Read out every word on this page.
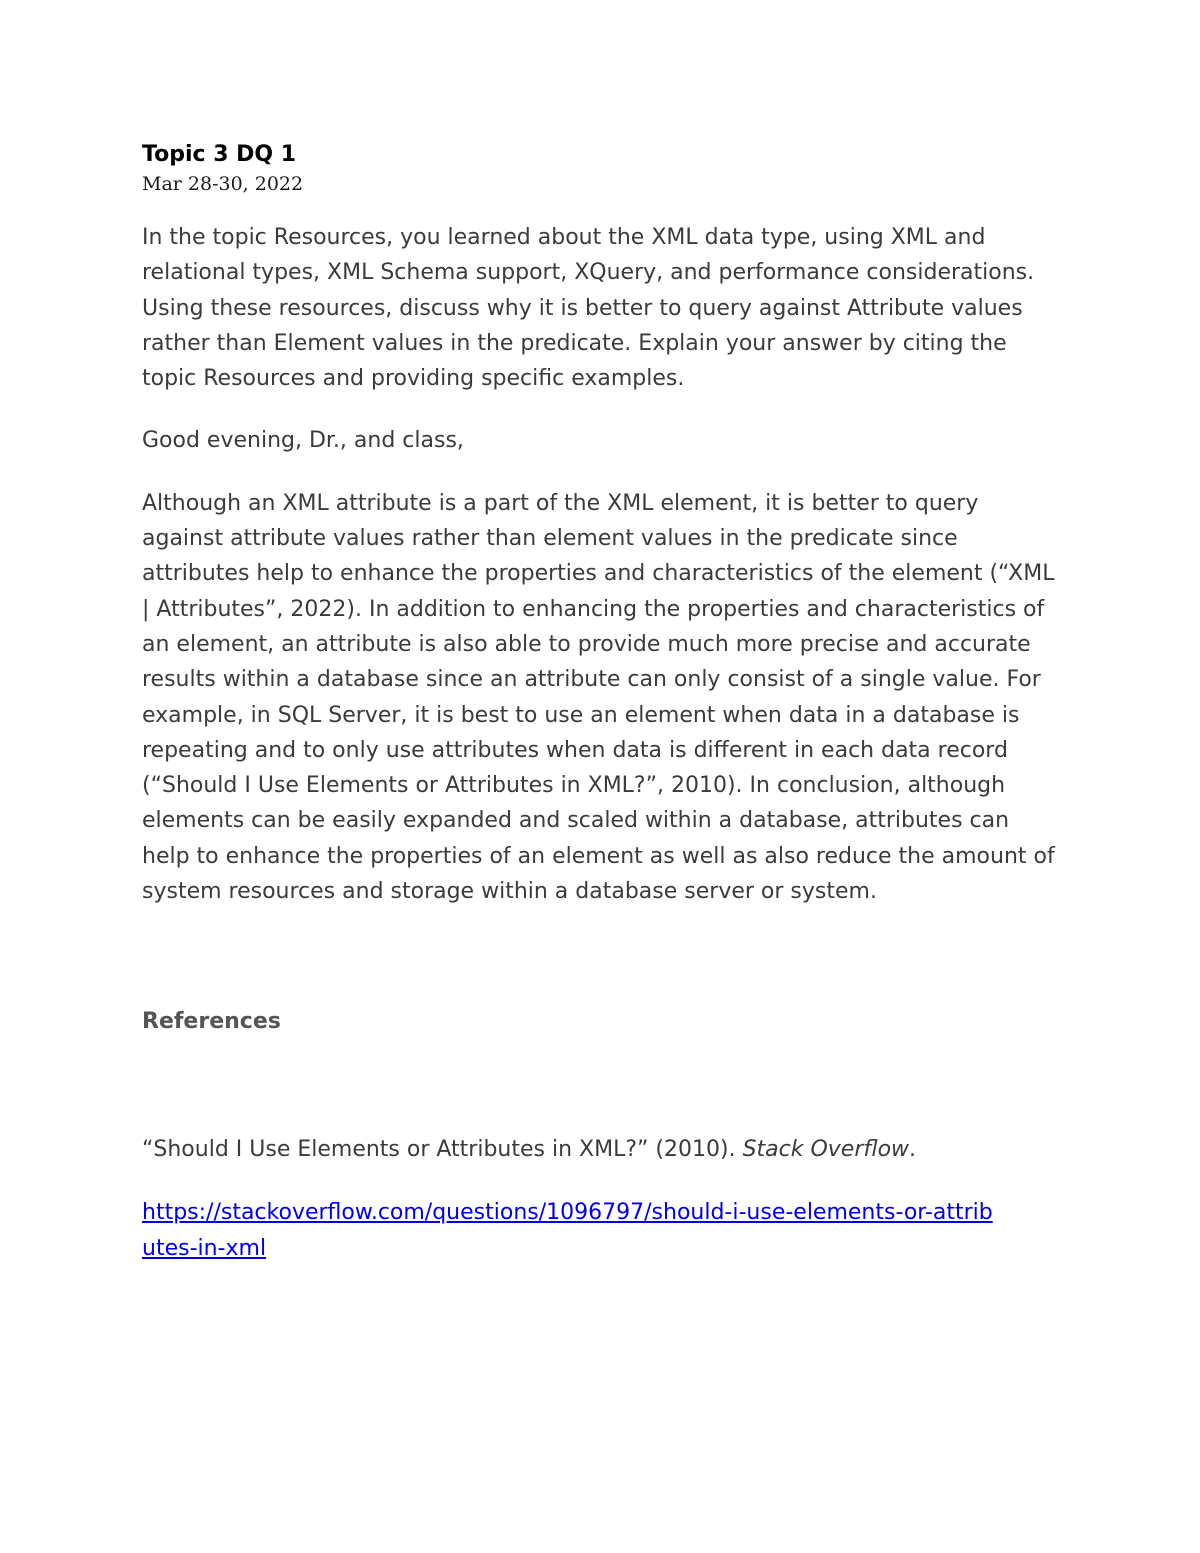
Topic 3 DQ 1

Mar 28-30, 2022

In the topic Resources, you learned about the XML data type, using XML and relational types, XML Schema support, XQuery, and performance considerations. Using these resources, discuss why it is better to query against Attribute values rather than Element values in the predicate. Explain your answer by citing the topic Resources and providing specific examples.

Good evening, Dr., and class,

Although an XML attribute is a part of the XML element, it is better to query against attribute values rather than element values in the predicate since attributes help to enhance the properties and characteristics of the element (“XML | Attributes”, 2022). In addition to enhancing the properties and characteristics of an element, an attribute is also able to provide much more precise and accurate results within a database since an attribute can only consist of a single value. For example, in SQL Server, it is best to use an element when data in a database is repeating and to only use attributes when data is different in each data record (“Should I Use Elements or Attributes in XML?”, 2010). In conclusion, although elements can be easily expanded and scaled within a database, attributes can help to enhance the properties of an element as well as also reduce the amount of system resources and storage within a database server or system.

References

“Should I Use Elements or Attributes in XML?” (2010). Stack Overflow.

https://stackoverflow.com/questions/1096797/should-i-use-elements-or-attributes-in-xml
